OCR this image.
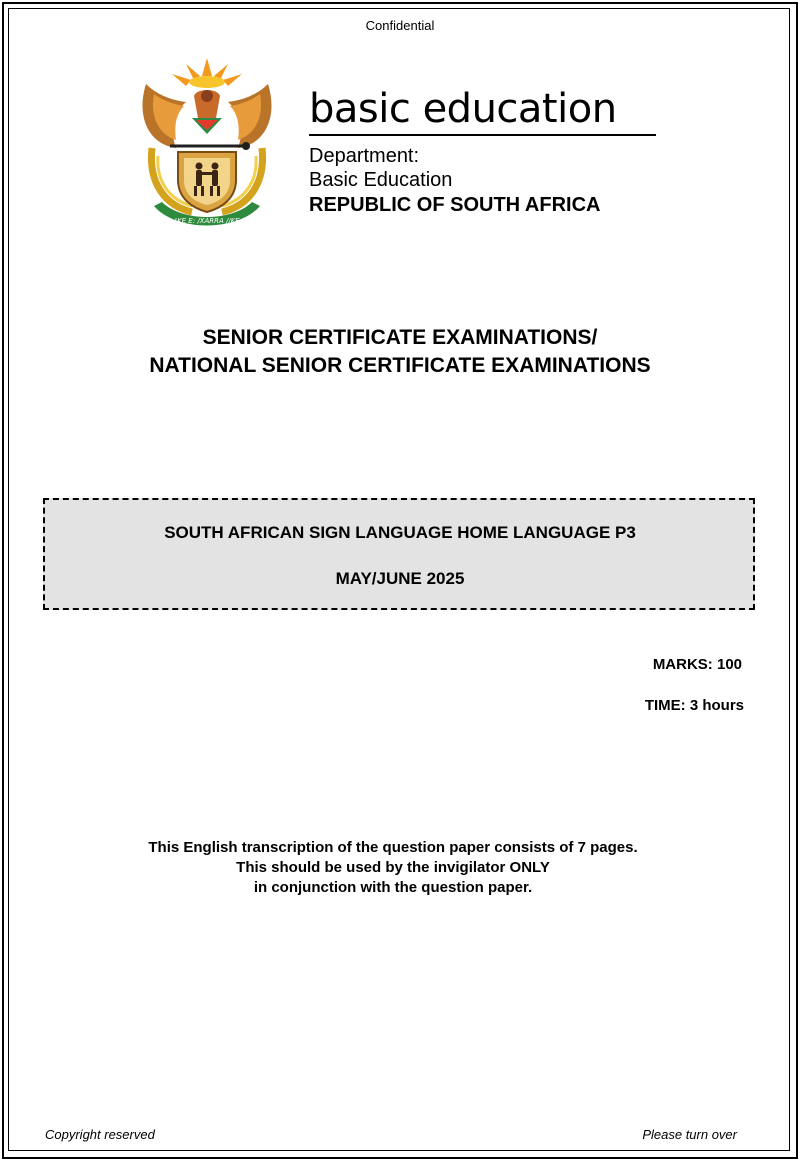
Confidential
!KE E: /XARRA //KE
basic education
Department:
Basic Education
REPUBLIC OF SOUTH AFRICA
SENIOR CERTIFICATE EXAMINATIONS/
NATIONAL SENIOR CERTIFICATE EXAMINATIONS
SOUTH AFRICAN SIGN LANGUAGE HOME LANGUAGE P3
MAY/JUNE 2025
MARKS: 100
TIME: 3 hours
This English transcription of the question paper consists of 7 pages.
This should be used by the invigilator ONLY
in conjunction with the question paper.
Copyright reserved	Please turn over
